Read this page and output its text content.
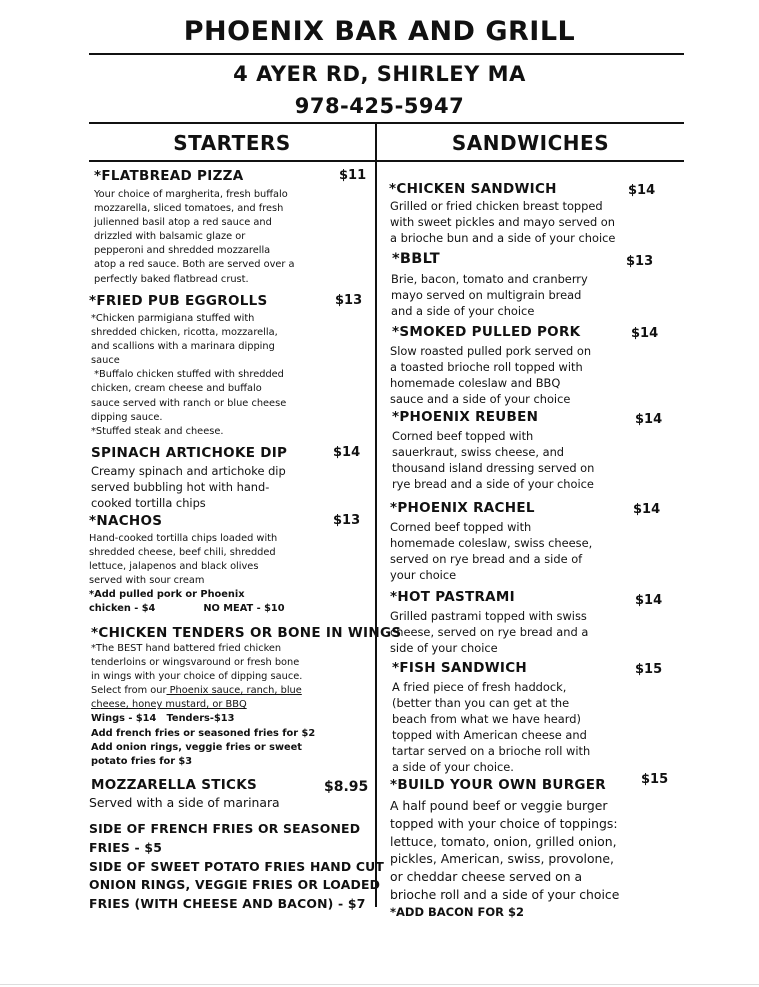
PHOENIX BAR AND GRILL
4 AYER RD, SHIRLEY MA
978-425-5947
STARTERS	SANDWICHES
*FLATBREAD PIZZA	$11
Your choice of margherita, fresh buffalo
mozzarella, sliced tomatoes, and fresh
julienned basil atop a red sauce and
drizzled with balsamic glaze or
pepperoni and shredded mozzarella
atop a red sauce. Both are served over a
perfectly baked flatbread crust.
*FRIED PUB EGGROLLS	$13
*Chicken parmigiana stuffed with
shredded chicken, ricotta, mozzarella,
and scallions with a marinara dipping
sauce
*Buffalo chicken stuffed with shredded
chicken, cream cheese and buffalo
sauce served with ranch or blue cheese
dipping sauce.
*Stuffed steak and cheese.
SPINACH ARTICHOKE DIP	$14
Creamy spinach and artichoke dip
served bubbling hot with hand-
cooked tortilla chips
*NACHOS	$13
Hand-cooked tortilla chips loaded with
shredded cheese, beef chili, shredded
lettuce, jalapenos and black olives
served with sour cream
*Add pulled pork or Phoenix
chicken - $4	NO MEAT - $10
*CHICKEN TENDERS OR BONE IN WINGS
*The BEST hand battered fried chicken
tenderloins or wingsvaround or fresh bone
in wings with your choice of dipping sauce.
Select from our Phoenix sauce, ranch, blue
cheese, honey mustard, or BBQ
Wings - $14   Tenders-$13
Add french fries or seasoned fries for $2
Add onion rings, veggie fries or sweet
potato fries for $3
MOZZARELLA STICKS	$8.95
Served with a side of marinara
SIDE OF FRENCH FRIES OR SEASONED
FRIES - $5
SIDE OF SWEET POTATO FRIES HAND CUT
ONION RINGS, VEGGIE FRIES OR LOADED
FRIES (WITH CHEESE AND BACON) - $7
*CHICKEN SANDWICH	$14
Grilled or fried chicken breast topped
with sweet pickles and mayo served on
a brioche bun and a side of your choice
*BBLT	$13
Brie, bacon, tomato and cranberry
mayo served on multigrain bread
and a side of your choice
*SMOKED PULLED PORK	$14
Slow roasted pulled pork served on
a toasted brioche roll topped with
homemade coleslaw and BBQ
sauce and a side of your choice
*PHOENIX REUBEN	$14
Corned beef topped with
sauerkraut, swiss cheese, and
thousand island dressing served on
rye bread and a side of your choice
*PHOENIX RACHEL	$14
Corned beef topped with
homemade coleslaw, swiss cheese,
served on rye bread and a side of
your choice
*HOT PASTRAMI	$14
Grilled pastrami topped with swiss
cheese, served on rye bread and a
side of your choice
*FISH SANDWICH	$15
A fried piece of fresh haddock,
(better than you can get at the
beach from what we have heard)
topped with American cheese and
tartar served on a brioche roll with
a side of your choice.
*BUILD YOUR OWN BURGER	$15
A half pound beef or veggie burger
topped with your choice of toppings:
lettuce, tomato, onion, grilled onion,
pickles, American, swiss, provolone,
or cheddar cheese served on a
brioche roll and a side of your choice
*ADD BACON FOR $2
